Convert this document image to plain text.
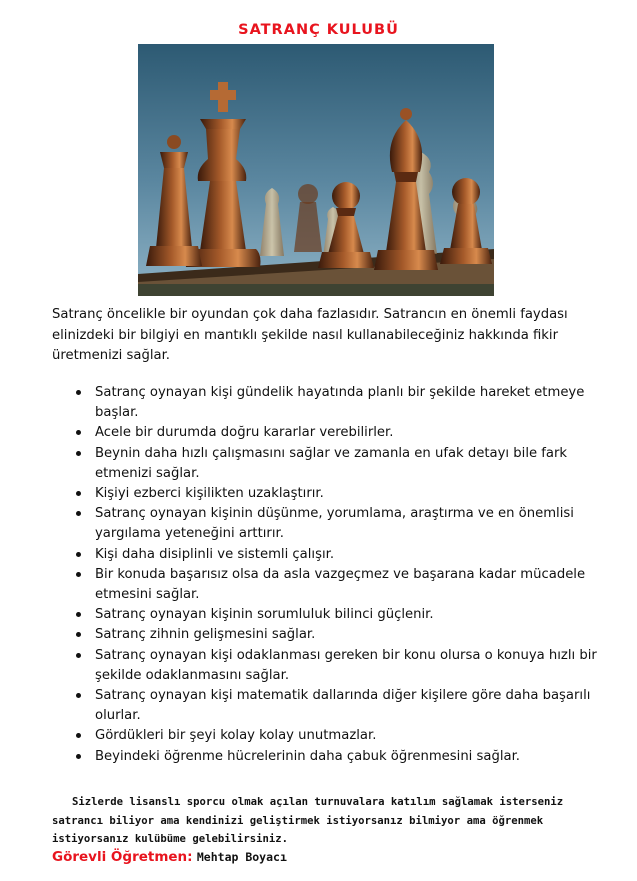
SATRANÇ KULUBÜ
Satranç öncelikle bir oyundan çok daha fazlasıdır. Satrancın en önemli faydası elinizdeki bir bilgiyi en mantıklı şekilde nasıl kullanabileceğiniz hakkında fikir üretmenizi sağlar.
Satranç oynayan kişi gündelik hayatında planlı bir şekilde hareket etmeye başlar.
Acele bir durumda doğru kararlar verebilirler.
Beynin daha hızlı çalışmasını sağlar ve zamanla en ufak detayı bile fark etmenizi sağlar.
Kişiyi ezberci kişilikten uzaklaştırır.
Satranç oynayan kişinin düşünme, yorumlama, araştırma ve en önemlisi yargılama yeteneğini arttırır.
Kişi daha disiplinli ve sistemli çalışır.
Bir konuda başarısız olsa da asla vazgeçmez ve başarana kadar mücadele etmesini sağlar.
Satranç oynayan kişinin sorumluluk bilinci güçlenir.
Satranç zihnin gelişmesini sağlar.
Satranç oynayan kişi odaklanması gereken bir konu olursa o konuya hızlı bir şekilde odaklanmasını sağlar.
Satranç oynayan kişi matematik dallarında diğer kişilere göre daha başarılı olurlar.
Gördükleri bir şeyi kolay kolay unutmazlar.
Beyindeki öğrenme hücrelerinin daha çabuk öğrenmesini sağlar.
Sizlerde lisanslı sporcu olmak açılan turnuvalara katılım sağlamak isterseniz satrancı biliyor ama kendinizi geliştirmek istiyorsanız bilmiyor ama öğrenmek istiyorsanız kulübüme gelebilirsiniz.
Görevli Öğretmen: Mehtap Boyacı
